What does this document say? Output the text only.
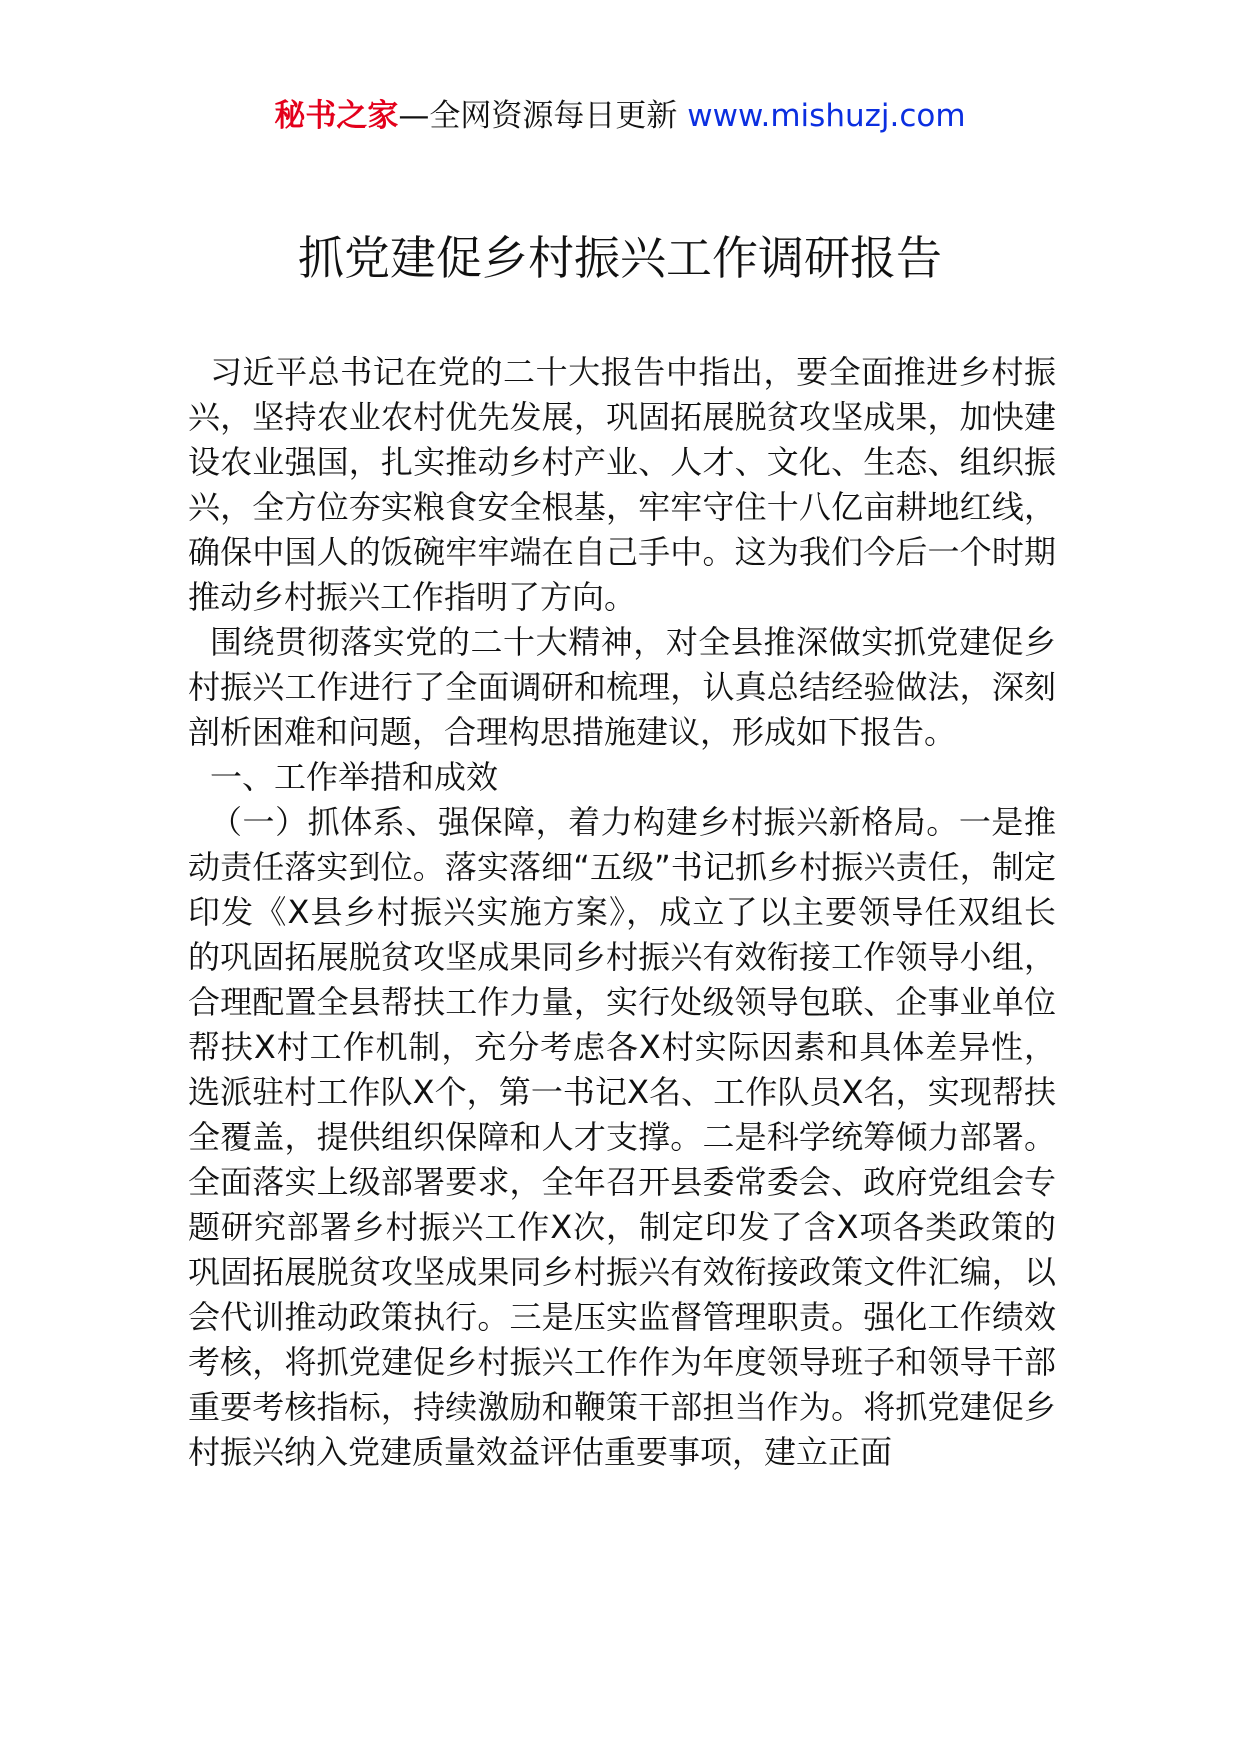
秘书之家—全网资源每日更新 www.mishuzj.com
抓党建促乡村振兴工作调研报告

习近平总书记在党的二十大报告中指出，要全面推进乡村振兴，坚持农业农村优先发展，巩固拓展脱贫攻坚成果，加快建设农业强国，扎实推动乡村产业、人才、文化、生态、组织振兴，全方位夯实粮食安全根基，牢牢守住十八亿亩耕地红线，确保中国人的饭碗牢牢端在自己手中。这为我们今后一个时期推动乡村振兴工作指明了方向。

围绕贯彻落实党的二十大精神，对全县推深做实抓党建促乡村振兴工作进行了全面调研和梳理，认真总结经验做法，深刻剖析困难和问题，合理构思措施建议，形成如下报告。

一、工作举措和成效

（一）抓体系、强保障，着力构建乡村振兴新格局。一是推动责任落实到位。落实落细“五级”书记抓乡村振兴责任，制定印发《X县乡村振兴实施方案》，成立了以主要领导任双组长的巩固拓展脱贫攻坚成果同乡村振兴有效衔接工作领导小组，合理配置全县帮扶工作力量，实行处级领导包联、企事业单位帮扶X村工作机制，充分考虑各X村实际因素和具体差异性，选派驻村工作队X个，第一书记X名、工作队员X名，实现帮扶全覆盖，提供组织保障和人才支撑。二是科学统筹倾力部署。全面落实上级部署要求，全年召开县委常委会、政府党组会专题研究部署乡村振兴工作X次，制定印发了含X项各类政策的巩固拓展脱贫攻坚成果同乡村振兴有效衔接政策文件汇编，以会代训推动政策执行。三是压实监督管理职责。强化工作绩效考核，将抓党建促乡村振兴工作作为年度领导班子和领导干部重要考核指标，持续激励和鞭策干部担当作为。将抓党建促乡村振兴纳入党建质量效益评估重要事项，建立正面
